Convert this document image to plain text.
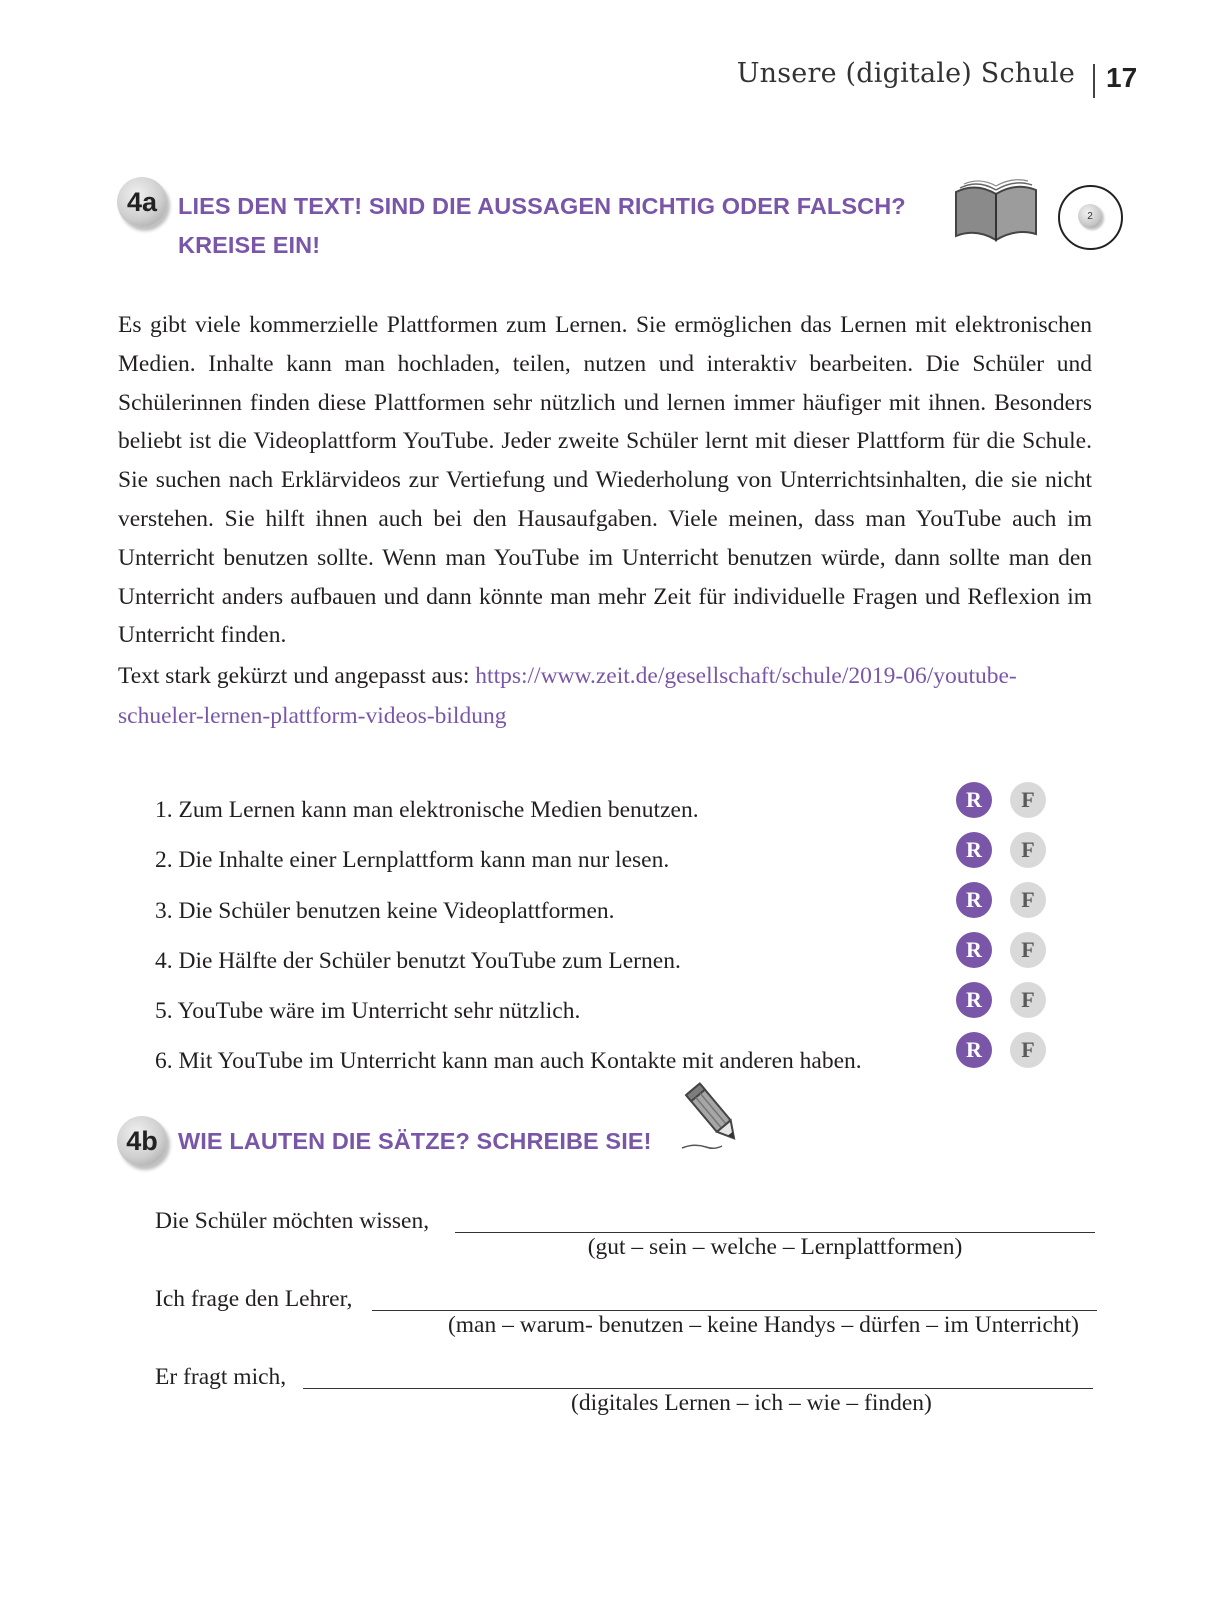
Unsere (digitale) Schule 17
4a LIES DEN TEXT! SIND DIE AUSSAGEN RICHTIG ODER FALSCH?
KREISE EIN!
2

Es gibt viele kommerzielle Plattformen zum Lernen. Sie ermöglichen das Lernen mit elektronischen Medien. Inhalte kann man hochladen, teilen, nutzen und interaktiv bearbeiten. Die Schüler und Schülerinnen finden diese Plattformen sehr nützlich und lernen immer häufiger mit ihnen. Besonders beliebt ist die Videoplattform YouTube. Jeder zweite Schüler lernt mit dieser Plattform für die Schule. Sie suchen nach Erklärvideos zur Vertiefung und Wiederholung von Unterrichtsinhalten, die sie nicht verstehen. Sie hilft ihnen auch bei den Hausaufgaben. Viele meinen, dass man YouTube auch im Unterricht benutzen sollte. Wenn man YouTube im Unterricht benutzen würde, dann sollte man den Unterricht anders aufbauen und dann könnte man mehr Zeit für individuelle Fragen und Reflexion im Unterricht finden.

Text stark gekürzt und angepasst aus: https://www.zeit.de/gesellschaft/schule/2019-06/youtube-schueler-lernen-plattform-videos-bildung
1. Zum Lernen kann man elektronische Medien benutzen.	R	F
2. Die Inhalte einer Lernplattform kann man nur lesen.	R	F
3. Die Schüler benutzen keine Videoplattformen.	R	F
4. Die Hälfte der Schüler benutzt YouTube zum Lernen.	R	F
5. YouTube wäre im Unterricht sehr nützlich.	R	F
6. Mit YouTube im Unterricht kann man auch Kontakte mit anderen haben.	R	F
4b WIE LAUTEN DIE SÄTZE? SCHREIBE SIE!
Die Schüler möchten wissen,
(gut – sein – welche – Lernplattformen)
Ich frage den Lehrer,
(man – warum- benutzen – keine Handys – dürfen – im Unterricht)
Er fragt mich,
(digitales Lernen – ich – wie – finden)
